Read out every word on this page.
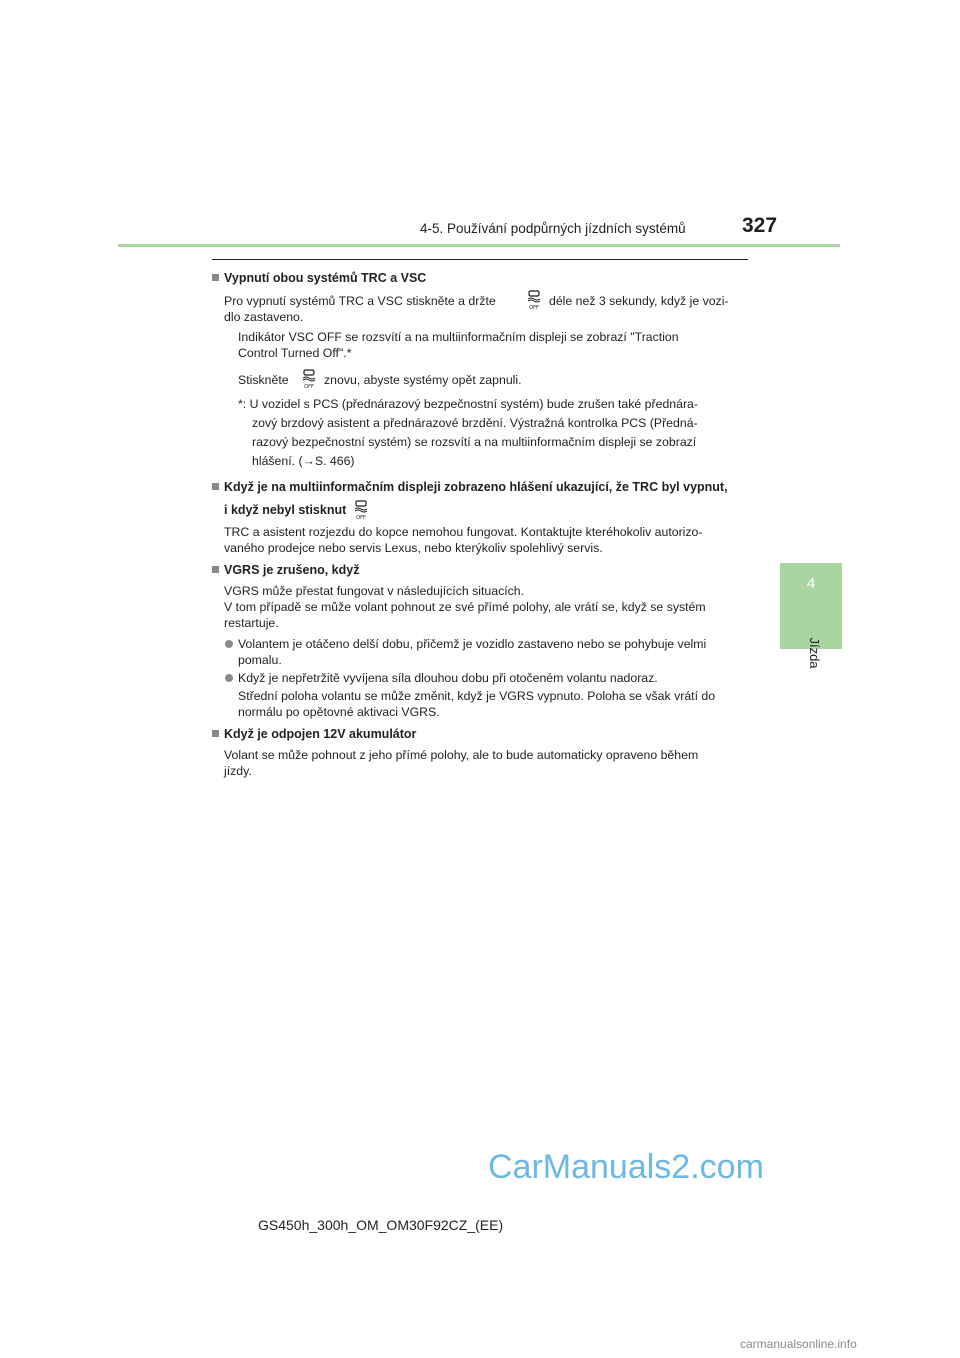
4-5. Používání podpůrných jízdních systémů	327
4
Jízda
Vypnutí obou systémů TRC a VSC
Pro vypnutí systémů TRC a VSC stiskněte a držte	OFF déle než 3 sekundy, když je vozi-
dlo zastaveno.
Indikátor VSC OFF se rozsvítí a na multiinformačním displeji se zobrazí "Traction
Control Turned Off".*
Stiskněte	OFF znovu, abyste systémy opět zapnuli.
*: U vozidel s PCS (přednárazový bezpečnostní systém) bude zrušen také přednára-
zový brzdový asistent a přednárazové brzdění. Výstražná kontrolka PCS (Předná-
razový bezpečnostní systém) se rozsvítí a na multiinformačním displeji se zobrazí
hlášení. (→S. 466)
Když je na multiinformačním displeji zobrazeno hlášení ukazující, že TRC byl vypnut,
i když nebyl stisknut
OFF
TRC a asistent rozjezdu do kopce nemohou fungovat. Kontaktujte kteréhokoliv autorizo-
vaného prodejce nebo servis Lexus, nebo kterýkoliv spolehlivý servis.
VGRS je zrušeno, když
VGRS může přestat fungovat v následujících situacích.
V tom případě se může volant pohnout ze své přímé polohy, ale vrátí se, když se systém
restartuje.
Volantem je otáčeno delší dobu, přičemž je vozidlo zastaveno nebo se pohybuje velmi
pomalu.
Když je nepřetržitě vyvíjena síla dlouhou dobu při otočeném volantu nadoraz.
Střední poloha volantu se může změnit, když je VGRS vypnuto. Poloha se však vrátí do
normálu po opětovné aktivaci VGRS.
Když je odpojen 12V akumulátor
Volant se může pohnout z jeho přímé polohy, ale to bude automaticky opraveno během
jízdy.
CarManuals2.com
carmanualsonline.info
GS450h_300h_OM_OM30F92CZ_(EE)
